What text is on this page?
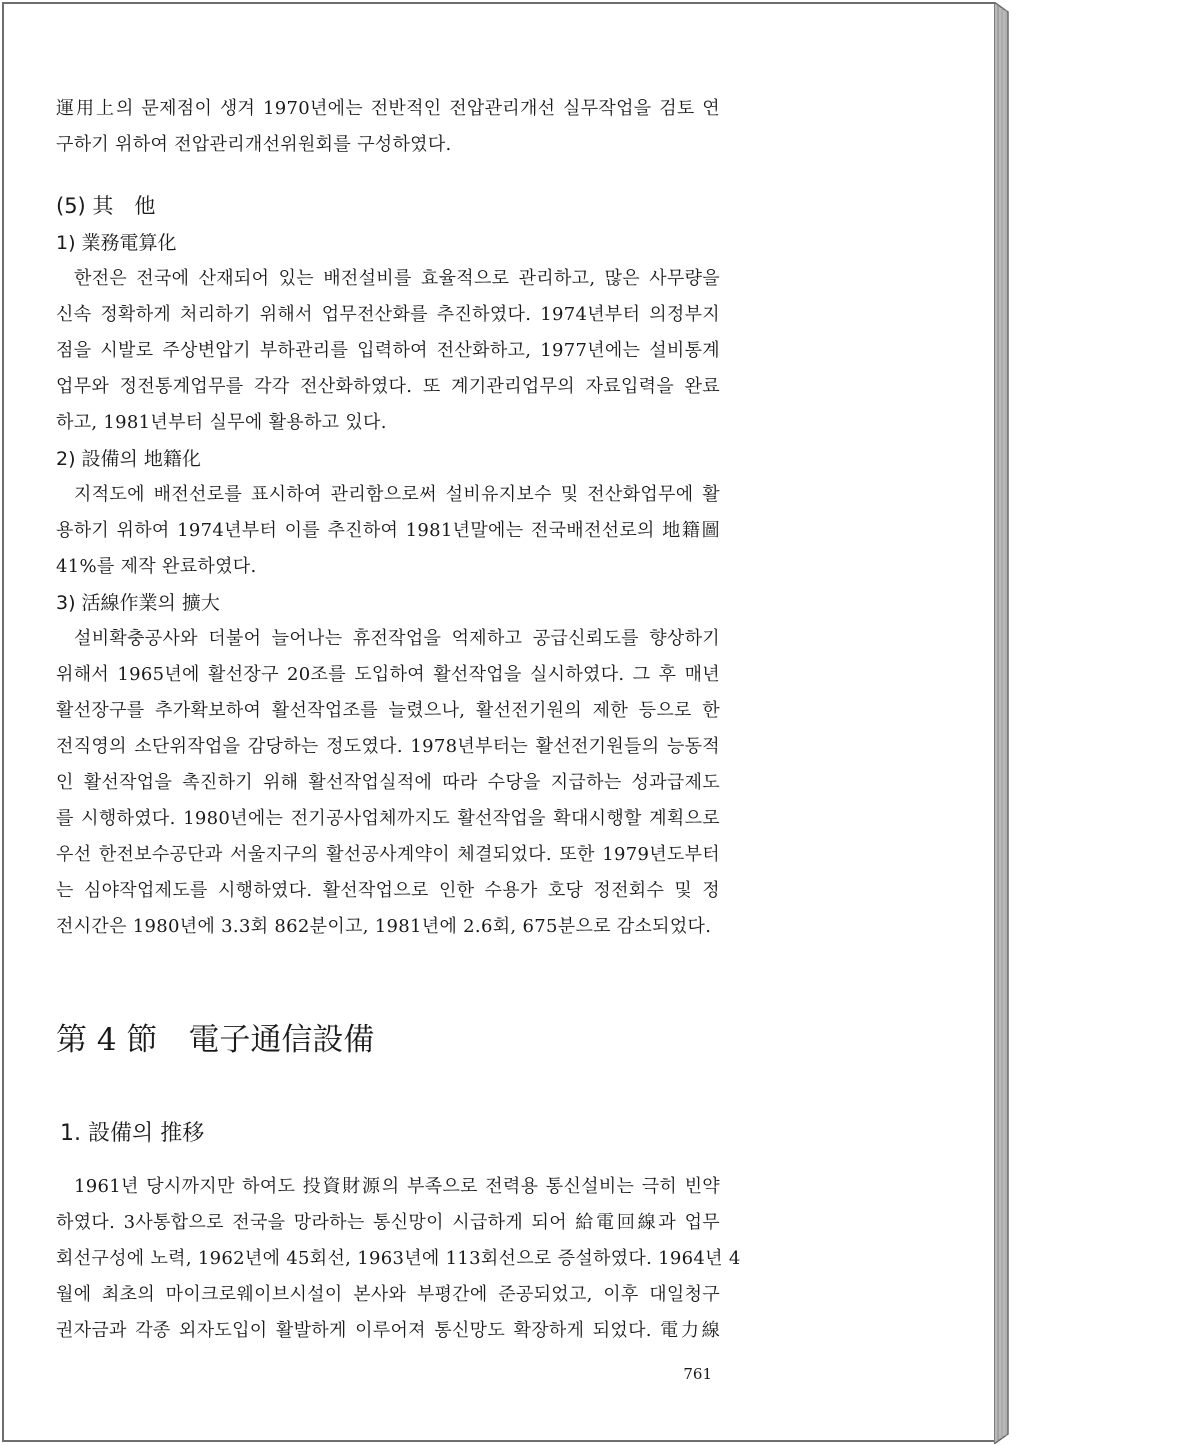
運用上의 문제점이 생겨 1970년에는 전반적인 전압관리개선 실무작업을 검토 연
구하기 위하여 전압관리개선위원회를 구성하였다.
(5) 其　他
1) 業務電算化
한전은 전국에 산재되어 있는 배전설비를 효율적으로 관리하고, 많은 사무량을
신속 정확하게 처리하기 위해서 업무전산화를 추진하였다. 1974년부터 의정부지
점을 시발로 주상변압기 부하관리를 입력하여 전산화하고, 1977년에는 설비통계
업무와 정전통계업무를 각각 전산화하였다. 또 계기관리업무의 자료입력을 완료
하고, 1981년부터 실무에 활용하고 있다.
2) 設備의 地籍化
지적도에 배전선로를 표시하여 관리함으로써 설비유지보수 및 전산화업무에 활
용하기 위하여 1974년부터 이를 추진하여 1981년말에는 전국배전선로의 地籍圖
41%를 제작 완료하였다.
3) 活線作業의 擴大
설비확충공사와 더불어 늘어나는 휴전작업을 억제하고 공급신뢰도를 향상하기
위해서 1965년에 활선장구 20조를 도입하여 활선작업을 실시하였다. 그 후 매년
활선장구를 추가확보하여 활선작업조를 늘렸으나, 활선전기원의 제한 등으로 한
전직영의 소단위작업을 감당하는 정도였다. 1978년부터는 활선전기원들의 능동적
인 활선작업을 촉진하기 위해 활선작업실적에 따라 수당을 지급하는 성과급제도
를 시행하였다. 1980년에는 전기공사업체까지도 활선작업을 확대시행할 계획으로
우선 한전보수공단과 서울지구의 활선공사계약이 체결되었다. 또한 1979년도부터
는 심야작업제도를 시행하였다. 활선작업으로 인한 수용가 호당 정전회수 및 정
전시간은 1980년에 3.3회 862분이고, 1981년에 2.6회, 675분으로 감소되었다.
第 4 節　電子通信設備
1. 設備의 推移
1961년 당시까지만 하여도 投資財源의 부족으로 전력용 통신설비는 극히 빈약
하였다. 3사통합으로 전국을 망라하는 통신망이 시급하게 되어 給電回線과 업무
회선구성에 노력, 1962년에 45회선, 1963년에 113회선으로 증설하였다. 1964년 4
월에 최초의 마이크로웨이브시설이 본사와 부평간에 준공되었고, 이후 대일청구
권자금과 각종 외자도입이 활발하게 이루어져 통신망도 확장하게 되었다. 電力線
761
